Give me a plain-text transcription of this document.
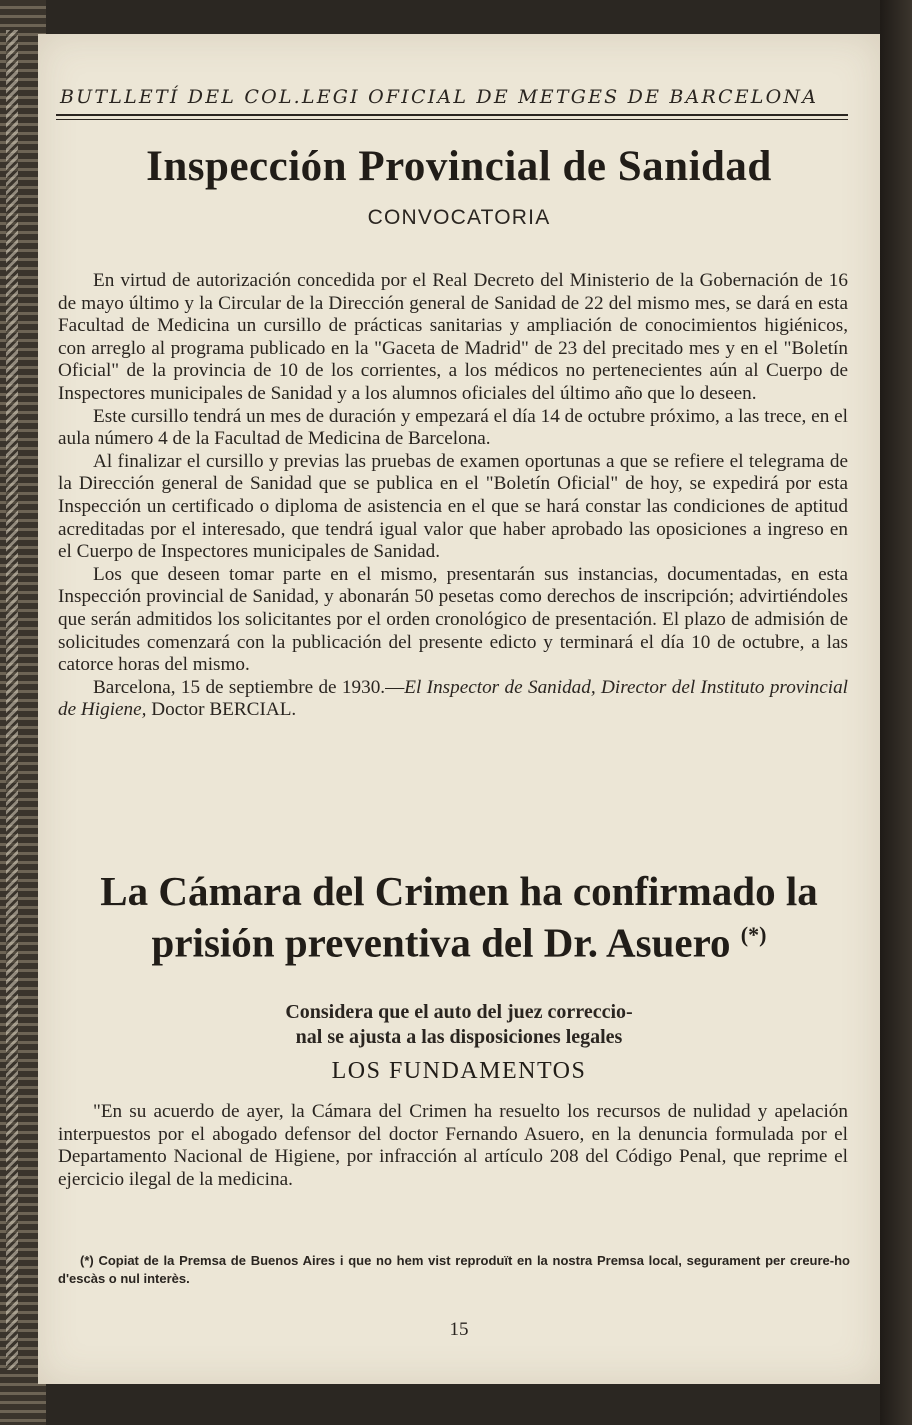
BUTLLETÍ DEL COL.LEGI OFICIAL DE METGES DE BARCELONA
Inspección Provincial de Sanidad
CONVOCATORIA

En virtud de autorización concedida por el Real Decreto del Ministerio de la Gobernación de 16 de mayo último y la Circular de la Dirección general de Sanidad de 22 del mismo mes, se dará en esta Facultad de Medicina un cursillo de prácticas sanitarias y ampliación de conocimientos higiénicos, con arreglo al programa publicado en la "Gaceta de Madrid" de 23 del precitado mes y en el "Boletín Oficial" de la provincia de 10 de los corrientes, a los médicos no pertenecientes aún al Cuerpo de Inspectores municipales de Sanidad y a los alumnos oficiales del último año que lo deseen.

Este cursillo tendrá un mes de duración y empezará el día 14 de octubre próximo, a las trece, en el aula número 4 de la Facultad de Medicina de Barcelona.

Al finalizar el cursillo y previas las pruebas de examen oportunas a que se refiere el telegrama de la Dirección general de Sanidad que se publica en el "Boletín Oficial" de hoy, se expedirá por esta Inspección un certificado o diploma de asistencia en el que se hará constar las condiciones de aptitud acreditadas por el interesado, que tendrá igual valor que haber aprobado las oposiciones a ingreso en el Cuerpo de Inspectores municipales de Sanidad.

Los que deseen tomar parte en el mismo, presentarán sus instancias, documentadas, en esta Inspección provincial de Sanidad, y abonarán 50 pesetas como derechos de inscripción; advirtiéndoles que serán admitidos los solicitantes por el orden cronológico de presentación. El plazo de admisión de solicitudes comenzará con la publicación del presente edicto y terminará el día 10 de octubre, a las catorce horas del mismo.

Barcelona, 15 de septiembre de 1930.—El Inspector de Sanidad, Director del Instituto provincial de Higiene, Doctor BERCIAL.

La Cámara del Crimen ha confirmado la
prisión preventiva del Dr. Asuero (*)
Considera que el auto del juez correccio-
nal se ajusta a las disposiciones legales
LOS FUNDAMENTOS

"En su acuerdo de ayer, la Cámara del Crimen ha resuelto los recursos de nulidad y apelación interpuestos por el abogado defensor del doctor Fernando Asuero, en la denuncia formulada por el Departamento Nacional de Higiene, por infracción al artículo 208 del Código Penal, que reprime el ejercicio ilegal de la medicina.

(*) Copiat de la Premsa de Buenos Aires i que no hem vist reproduït en la nostra Premsa local, segurament per creure-ho d'escàs o nul interès.

15
